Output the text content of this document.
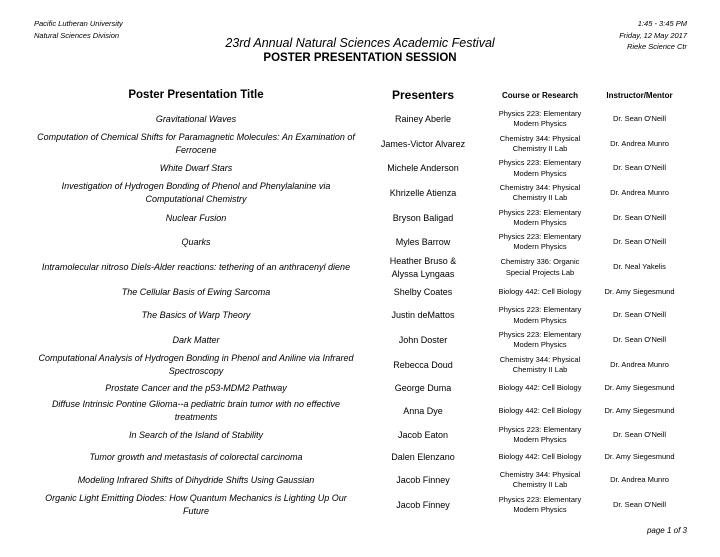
Pacific Lutheran University
Natural Sciences Division
1:45 - 3:45 PM
Friday, 12 May 2017
Rieke Science Ctr
23rd Annual Natural Sciences Academic Festival
POSTER PRESENTATION SESSION
Poster Presentation Title	Presenters	Course or Research	Instructor/Mentor
Gravitational Waves	Rainey Aberle	Physics 223: Elementary Modern Physics	Dr. Sean O'Neill
Computation of Chemical Shifts for Paramagnetic Molecules: An Examination of Ferrocene	James-Victor Alvarez	Chemistry 344: Physical Chemistry II Lab	Dr. Andrea Munro
White Dwarf Stars	Michele Anderson	Physics 223: Elementary Modern Physics	Dr. Sean O'Neill
Investigation of Hydrogen Bonding of Phenol and Phenylalanine via Computational Chemistry	Khrizelle Atienza	Chemistry 344: Physical Chemistry II Lab	Dr. Andrea Munro
Nuclear Fusion	Bryson Baligad	Physics 223: Elementary Modern Physics	Dr. Sean O'Neill
Quarks	Myles Barrow	Physics 223: Elementary Modern Physics	Dr. Sean O'Neill
Intramolecular nitroso Diels-Alder reactions: tethering of an anthracenyl diene	Heather Bruso & Alyssa Lyngaas	Chemistry 336: Organic Special Projects Lab	Dr. Neal Yakelis
The Cellular Basis of Ewing Sarcoma	Shelby Coates	Biology 442: Cell Biology	Dr. Amy Siegesmund
The Basics of Warp Theory	Justin deMattos	Physics 223: Elementary Modern Physics	Dr. Sean O'Neill
Dark Matter	John Doster	Physics 223: Elementary Modern Physics	Dr. Sean O'Neill
Computational Analysis of Hydrogen Bonding in Phenol and Aniline via Infrared Spectroscopy	Rebecca Doud	Chemistry 344: Physical Chemistry II Lab	Dr. Andrea Munro
Prostate Cancer and the p53-MDM2 Pathway	George Duma	Biology 442: Cell Biology	Dr. Amy Siegesmund
Diffuse Intrinsic Pontine Glioma--a pediatric brain tumor with no effective treatments	Anna Dye	Biology 442: Cell Biology	Dr. Amy Siegesmund
In Search of the Island of Stability	Jacob Eaton	Physics 223: Elementary Modern Physics	Dr. Sean O'Neill
Tumor growth and metastasis of colorectal carcinoma	Dalen Elenzano	Biology 442: Cell Biology	Dr. Amy Siegesmund
Modeling Infrared Shifts of Dihydride Shifts Using Gaussian	Jacob Finney	Chemistry 344: Physical Chemistry II Lab	Dr. Andrea Munro
Organic Light Emitting Diodes: How Quantum Mechanics is Lighting Up Our Future	Jacob Finney	Physics 223: Elementary Modern Physics	Dr. Sean O'Neill
page 1 of 3
